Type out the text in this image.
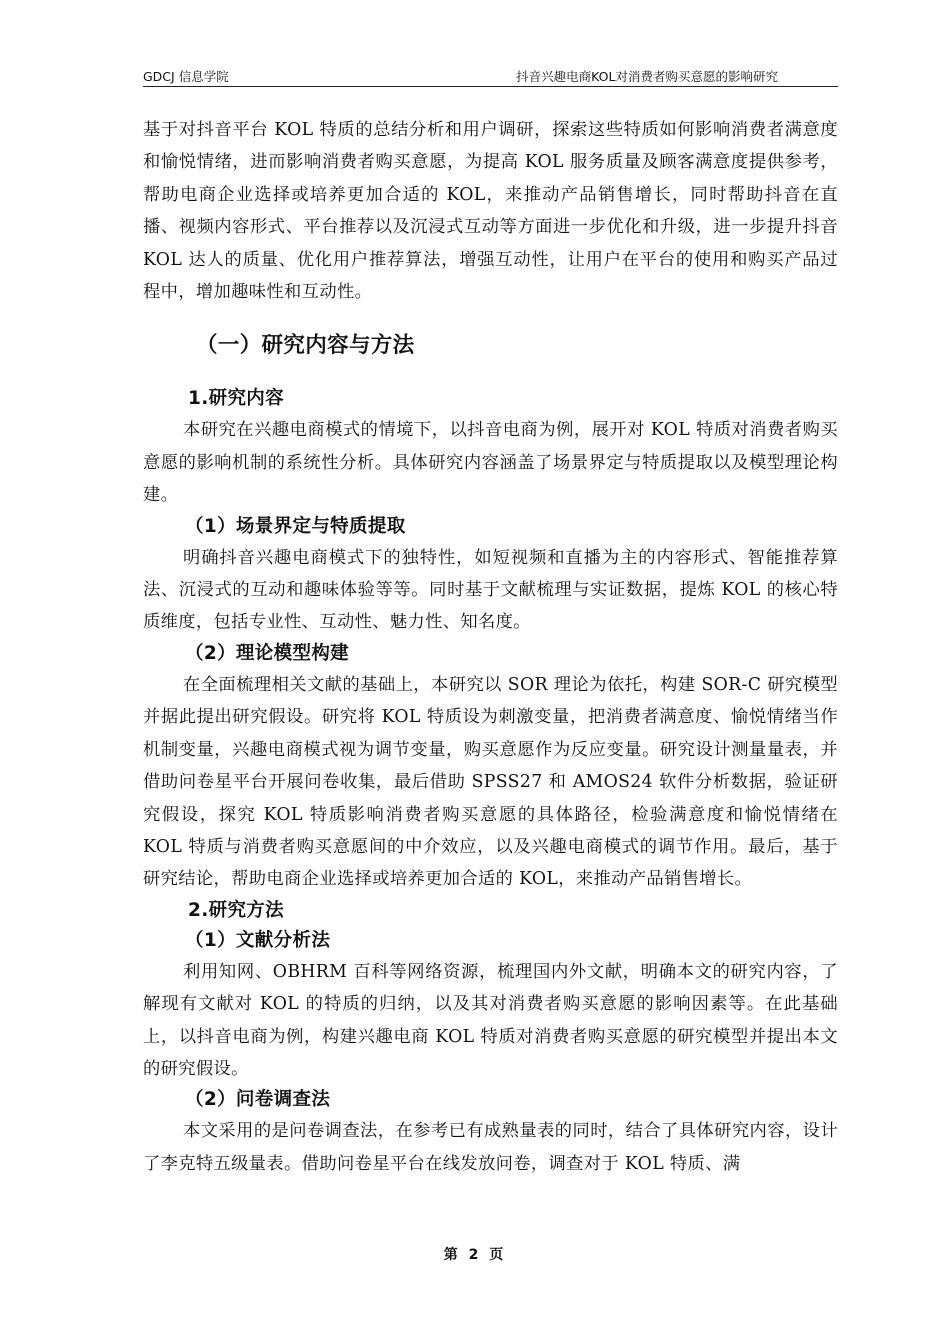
GDCJ 信息学院	抖音兴趣电商KOL对消费者购买意愿的影响研究

基于对抖音平台 KOL 特质的总结分析和用户调研，探索这些特质如何影响消费者满意度和愉悦情绪，进而影响消费者购买意愿，为提高 KOL 服务质量及顾客满意度提供参考，帮助电商企业选择或培养更加合适的 KOL，来推动产品销售增长，同时帮助抖音在直播、视频内容形式、平台推荐以及沉浸式互动等方面进一步优化和升级，进一步提升抖音 KOL 达人的质量、优化用户推荐算法，增强互动性，让用户在平台的使用和购买产品过程中，增加趣味性和互动性。

（一）研究内容与方法
1.研究内容

本研究在兴趣电商模式的情境下，以抖音电商为例，展开对 KOL 特质对消费者购买意愿的影响机制的系统性分析。具体研究内容涵盖了场景界定与特质提取以及模型理论构建。

（1）场景界定与特质提取

明确抖音兴趣电商模式下的独特性，如短视频和直播为主的内容形式、智能推荐算法、沉浸式的互动和趣味体验等等。同时基于文献梳理与实证数据，提炼 KOL 的核心特质维度，包括专业性、互动性、魅力性、知名度。

（2）理论模型构建

在全面梳理相关文献的基础上，本研究以 SOR 理论为依托，构建 SOR-C 研究模型并据此提出研究假设。研究将 KOL 特质设为刺激变量，把消费者满意度、愉悦情绪当作机制变量，兴趣电商模式视为调节变量，购买意愿作为反应变量。研究设计测量量表，并借助问卷星平台开展问卷收集，最后借助 SPSS27 和 AMOS24 软件分析数据，验证研究假设，探究 KOL 特质影响消费者购买意愿的具体路径，检验满意度和愉悦情绪在 KOL 特质与消费者购买意愿间的中介效应，以及兴趣电商模式的调节作用。最后，基于研究结论，帮助电商企业选择或培养更加合适的 KOL，来推动产品销售增长。

2.研究方法
（1）文献分析法

利用知网、OBHRM 百科等网络资源，梳理国内外文献，明确本文的研究内容，了解现有文献对 KOL 的特质的归纳，以及其对消费者购买意愿的影响因素等。在此基础上，以抖音电商为例，构建兴趣电商 KOL 特质对消费者购买意愿的研究模型并提出本文的研究假设。

（2）问卷调查法

本文采用的是问卷调查法，在参考已有成熟量表的同时，结合了具体研究内容，设计了李克特五级量表。借助问卷星平台在线发放问卷，调查对于 KOL 特质、满

第 2 页
